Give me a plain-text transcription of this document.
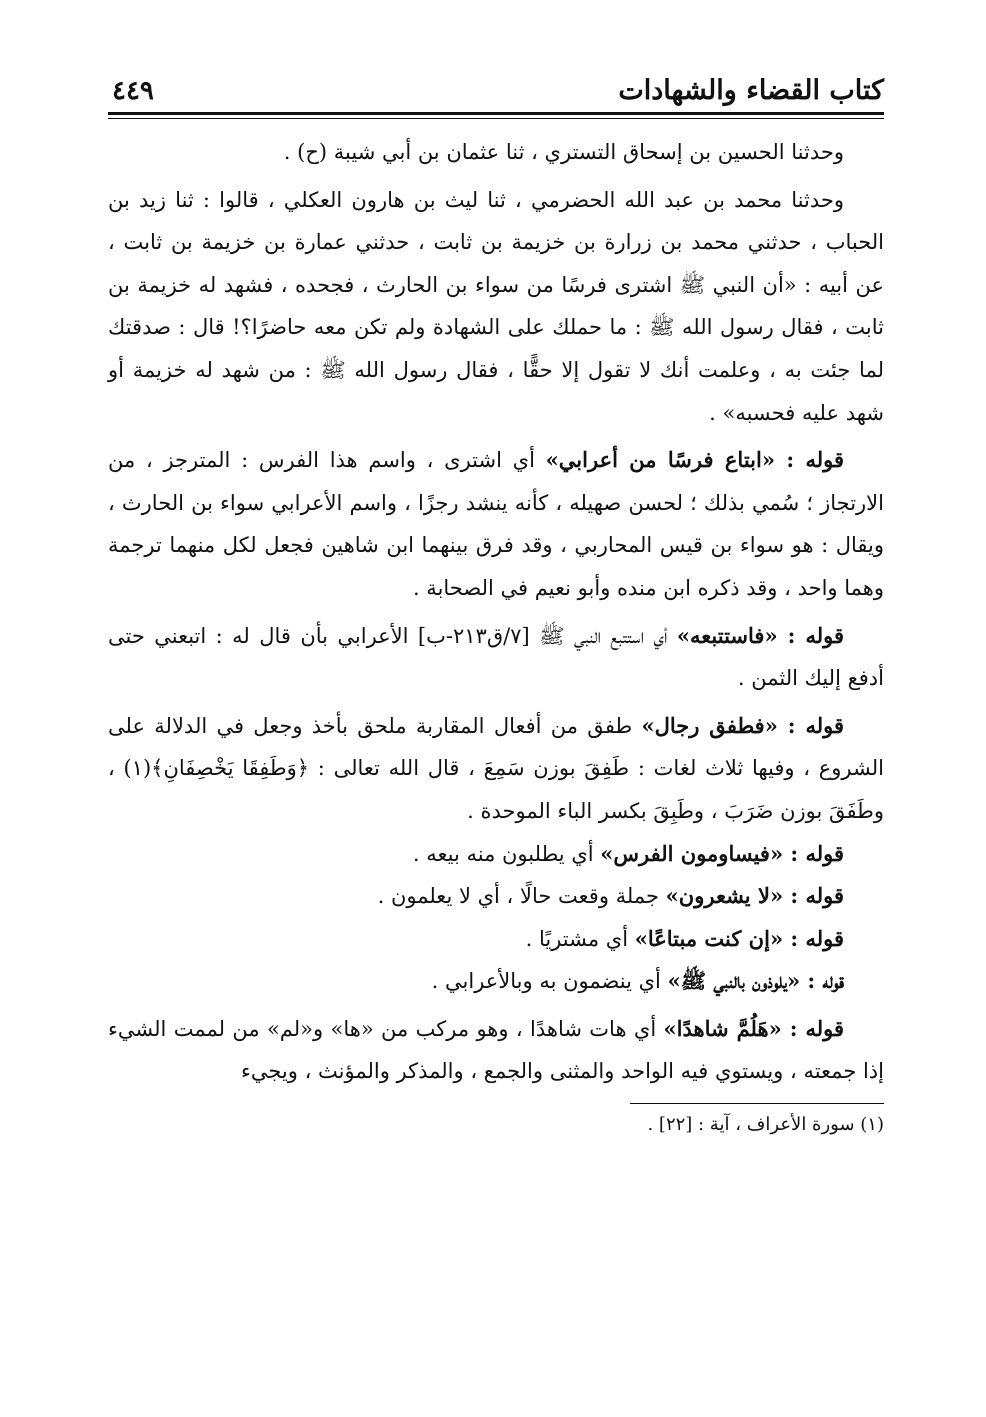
كتاب القضاء والشهادات
٤٤٩

وحدثنا الحسين بن إسحاق التستري ، ثنا عثمان بن أبي شيبة (ح) .

وحدثنا محمد بن عبد الله الحضرمي ، ثنا ليث بن هارون العكلي ، قالوا : ثنا زيد بن الحباب ، حدثني محمد بن زرارة بن خزيمة بن ثابت ، حدثني عمارة بن خزيمة بن ثابت ، عن أبيه : «أن النبي ﷺ اشترى فرسًا من سواء بن الحارث ، فجحده ، فشهد له خزيمة بن ثابت ، فقال رسول الله ﷺ : ما حملك على الشهادة ولم تكن معه حاضرًا؟! قال : صدقتك لما جئت به ، وعلمت أنك لا تقول إلا حقًّا ، فقال رسول الله ﷺ : من شهد له خزيمة أو شهد عليه فحسبه» .

قوله : «ابتاع فرسًا من أعرابي» أي اشترى ، واسم هذا الفرس : المترجز ، من الارتجاز ؛ سُمي بذلك ؛ لحسن صهيله ، كأنه ينشد رجزًا ، واسم الأعرابي سواء بن الحارث ، ويقال : هو سواء بن قيس المحاربي ، وقد فرق بينهما ابن شاهين فجعل لكل منهما ترجمة وهما واحد ، وقد ذكره ابن منده وأبو نعيم في الصحابة .

قوله : «فاستتبعه» أي استتبع النبي ﷺ [٧/ق٢١٣-ب] الأعرابي بأن قال له : اتبعني حتى أدفع إليك الثمن .

قوله : «فطفق رجال» طفق من أفعال المقاربة ملحق بأخذ وجعل في الدلالة على الشروع ، وفيها ثلاث لغات : طَفِقَ بوزن سَمِعَ ، قال الله تعالى : ﴿وَطَفِقَا يَخْصِفَانِ﴾(١) ، وطَفَقَ بوزن ضَرَبَ ، وطَبِقَ بكسر الباء الموحدة .

قوله : «فيساومون الفرس» أي يطلبون منه بيعه .

قوله : «لا يشعرون» جملة وقعت حالًا ، أي لا يعلمون .

قوله : «إن كنت مبتاعًا» أي مشتريًا .

قوله : «يلوذون بالنبي ﷺ» أي ينضمون به وبالأعرابي .

قوله : «هَلُمَّ شاهدًا» أي هات شاهدًا ، وهو مركب من «ها» و«لم» من لممت الشيء إذا جمعته ، ويستوي فيه الواحد والمثنى والجمع ، والمذكر والمؤنث ، ويجيء

(١) سورة الأعراف ، آية : [٢٢] .
